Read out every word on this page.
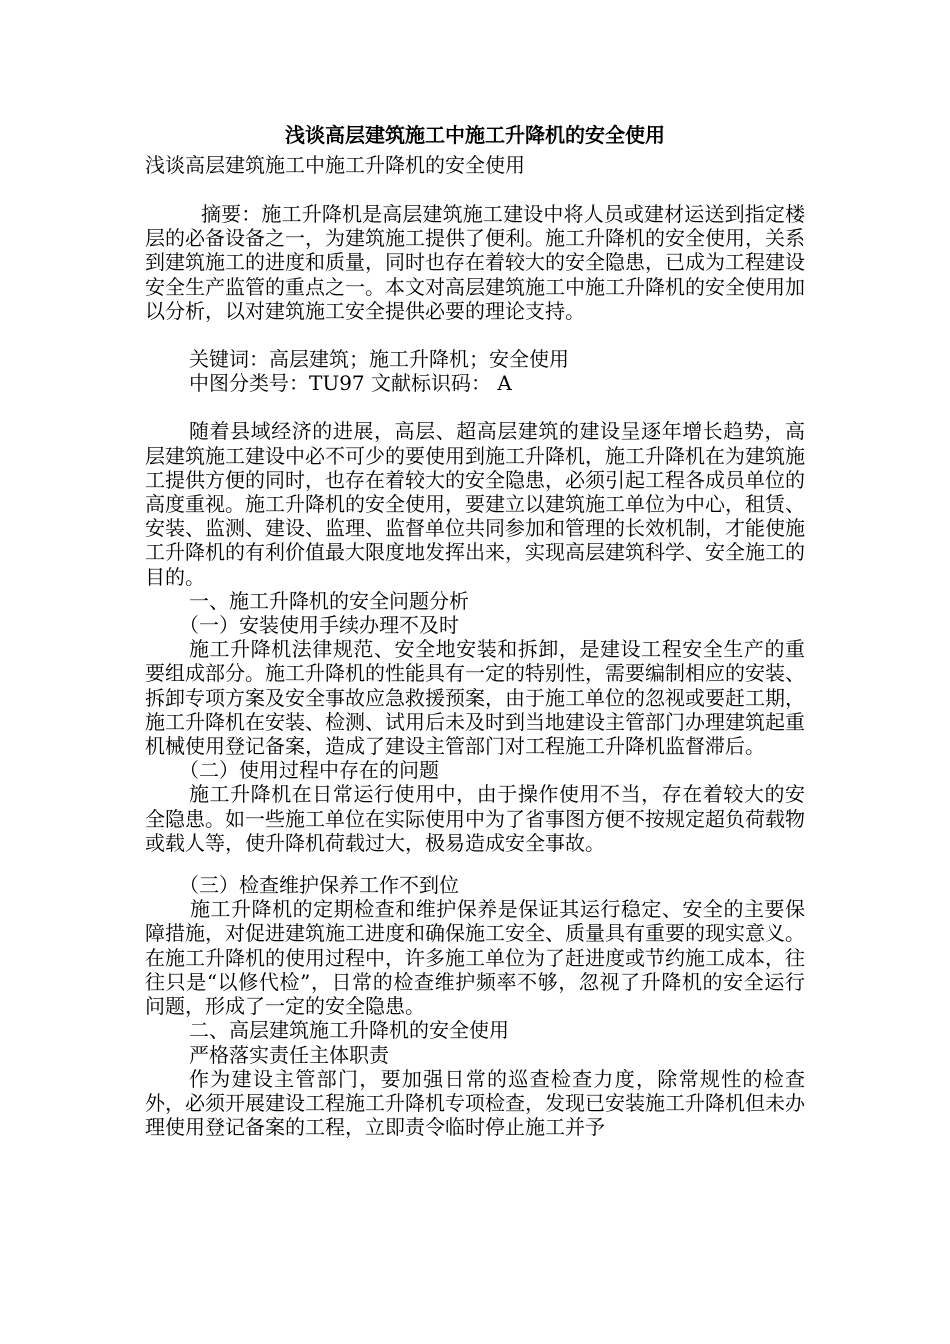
浅谈高层建筑施工中施工升降机的安全使用

浅谈高层建筑施工中施工升降机的安全使用

摘要：施工升降机是高层建筑施工建设中将人员或建材运送到指定楼层的必备设备之一，为建筑施工提供了便利。施工升降机的安全使用，关系到建筑施工的进度和质量，同时也存在着较大的安全隐患，已成为工程建设安全生产监管的重点之一。本文对高层建筑施工中施工升降机的安全使用加以分析，以对建筑施工安全提供必要的理论支持。

关键词：高层建筑；施工升降机；安全使用

中图分类号：TU97 文献标识码： A

随着县域经济的进展，高层、超高层建筑的建设呈逐年增长趋势，高层建筑施工建设中必不可少的要使用到施工升降机，施工升降机在为建筑施工提供方便的同时，也存在着较大的安全隐患，必须引起工程各成员单位的高度重视。施工升降机的安全使用，要建立以建筑施工单位为中心，租赁、安装、监测、建设、监理、监督单位共同参加和管理的长效机制，才能使施工升降机的有利价值最大限度地发挥出来，实现高层建筑科学、安全施工的目的。

一、施工升降机的安全问题分析

（一）安装使用手续办理不及时

施工升降机法律规范、安全地安装和拆卸，是建设工程安全生产的重要组成部分。施工升降机的性能具有一定的特别性，需要编制相应的安装、拆卸专项方案及安全事故应急救援预案，由于施工单位的忽视或要赶工期，施工升降机在安装、检测、试用后未及时到当地建设主管部门办理建筑起重机械使用登记备案，造成了建设主管部门对工程施工升降机监督滞后。

（二）使用过程中存在的问题

施工升降机在日常运行使用中，由于操作使用不当，存在着较大的安全隐患。如一些施工单位在实际使用中为了省事图方便不按规定超负荷载物或载人等，使升降机荷载过大，极易造成安全事故。

（三）检查维护保养工作不到位

施工升降机的定期检查和维护保养是保证其运行稳定、安全的主要保障措施，对促进建筑施工进度和确保施工安全、质量具有重要的现实意义。在施工升降机的使用过程中，许多施工单位为了赶进度或节约施工成本，往往只是“以修代检”，日常的检查维护频率不够，忽视了升降机的安全运行问题，形成了一定的安全隐患。

二、高层建筑施工升降机的安全使用

严格落实责任主体职责

作为建设主管部门，要加强日常的巡查检查力度，除常规性的检查外，必须开展建设工程施工升降机专项检查，发现已安装施工升降机但未办理使用登记备案的工程，立即责令临时停止施工并予
